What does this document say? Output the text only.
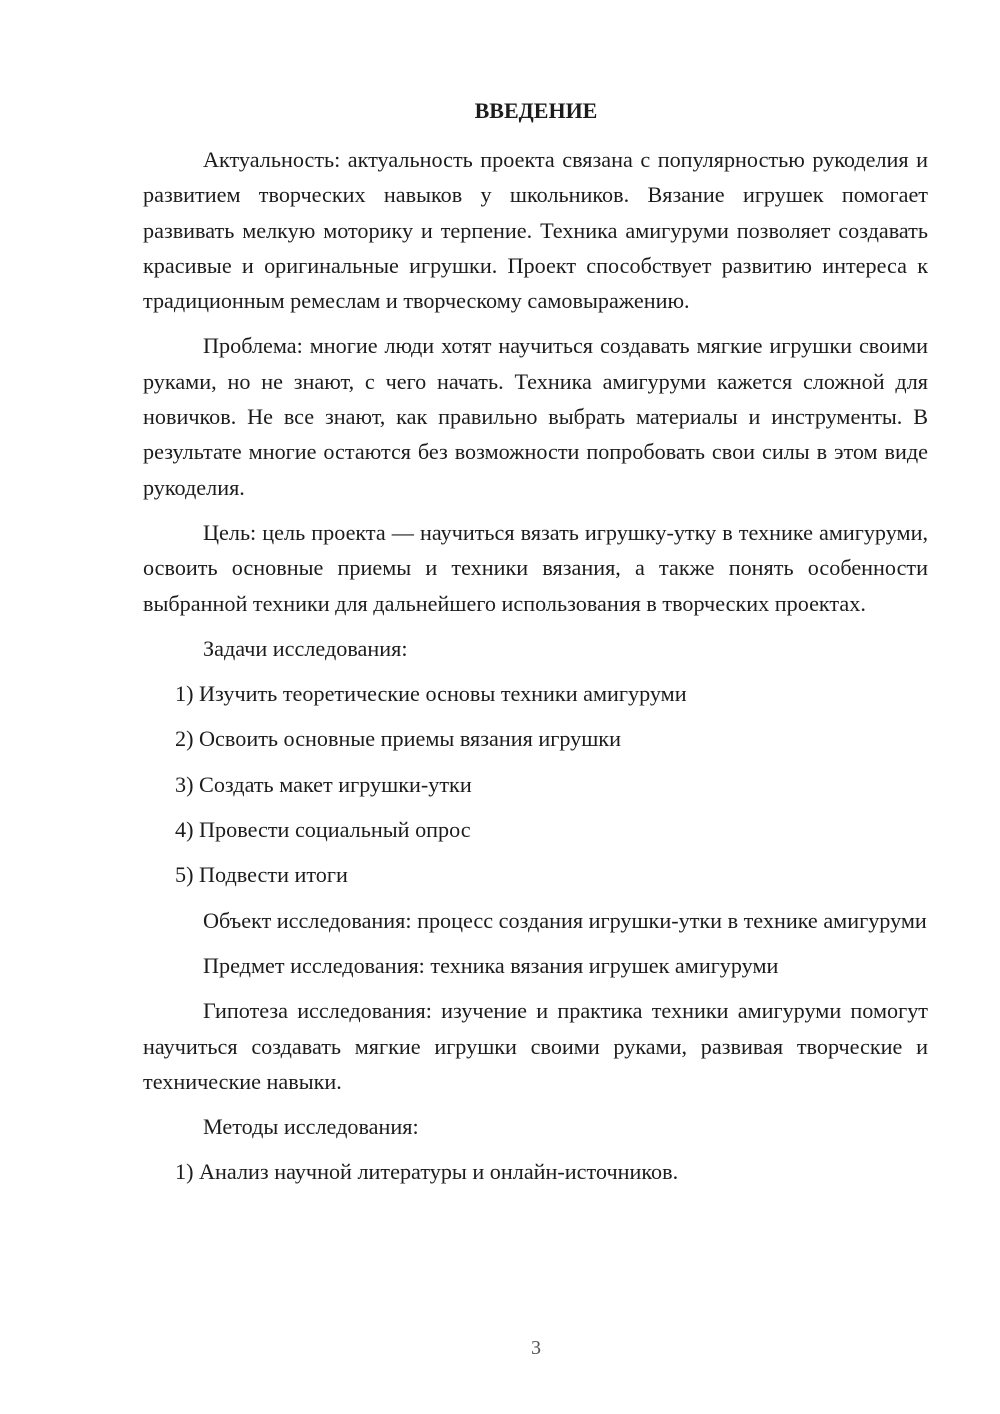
ВВЕДЕНИЕ

Актуальность: актуальность проекта связана с популярностью рукоделия и развитием творческих навыков у школьников. Вязание игрушек помогает развивать мелкую моторику и терпение. Техника амигуруми позволяет создавать красивые и оригинальные игрушки. Проект способствует развитию интереса к традиционным ремеслам и творческому самовыражению.

Проблема: многие люди хотят научиться создавать мягкие игрушки своими руками, но не знают, с чего начать. Техника амигуруми кажется сложной для новичков. Не все знают, как правильно выбрать материалы и инструменты. В результате многие остаются без возможности попробовать свои силы в этом виде рукоделия.

Цель: цель проекта — научиться вязать игрушку-утку в технике амигуруми, освоить основные приемы и техники вязания, а также понять особенности выбранной техники для дальнейшего использования в творческих проектах.

Задачи исследования:

1) Изучить теоретические основы техники амигуруми

2) Освоить основные приемы вязания игрушки

3) Создать макет игрушки-утки

4) Провести социальный опрос

5) Подвести итоги

Объект исследования: процесс создания игрушки-утки в технике амигуруми

Предмет исследования: техника вязания игрушек амигуруми

Гипотеза исследования: изучение и практика техники амигуруми помогут научиться создавать мягкие игрушки своими руками, развивая творческие и технические навыки.

Методы исследования:

1) Анализ научной литературы и онлайн-источников.

3
